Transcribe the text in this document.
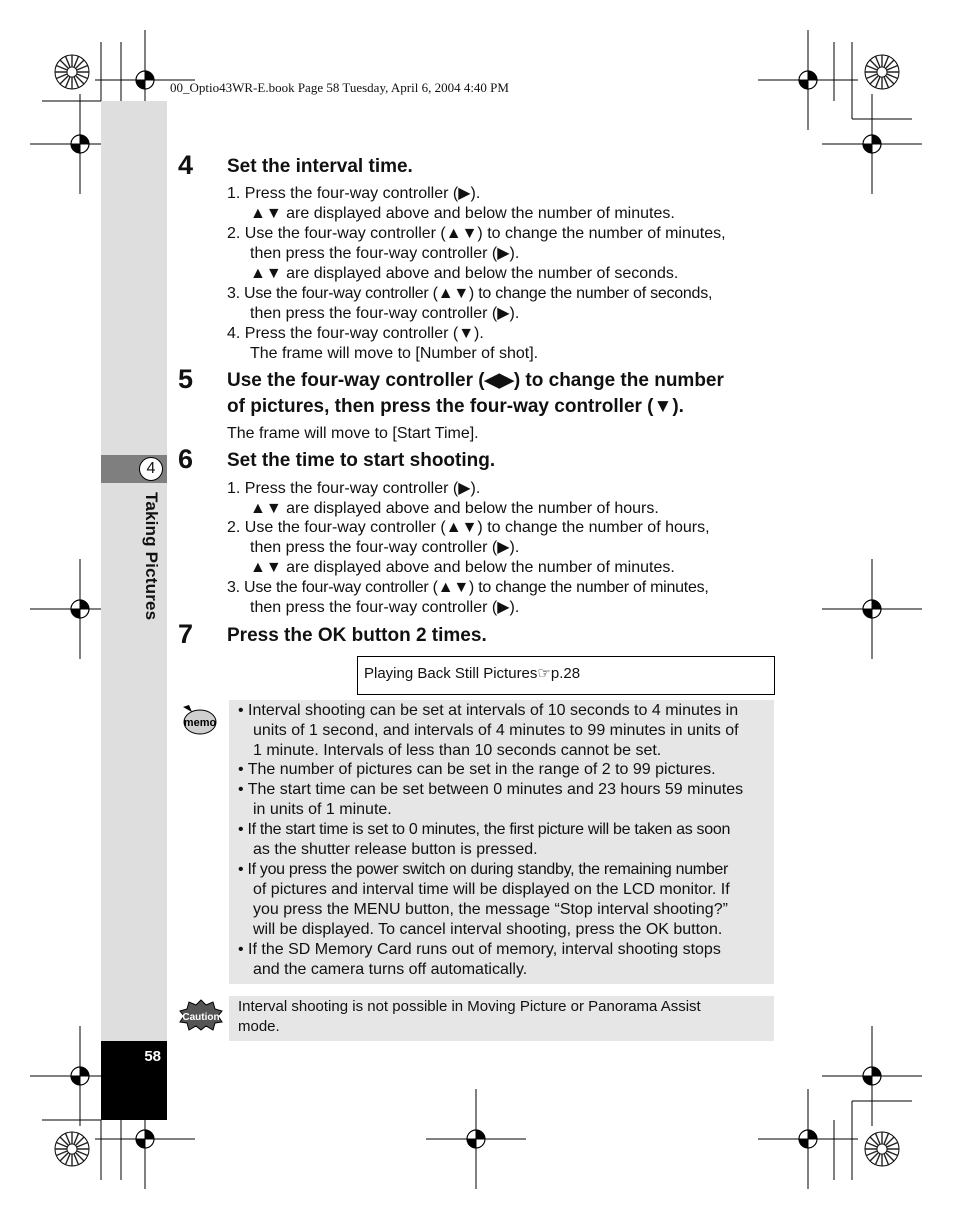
4
Taking Pictures
58
00_Optio43WR-E.book Page 58 Tuesday, April 6, 2004 4:40 PM
4 Set the interval time.
1. Press the four-way controller (▶).
▲▼ are displayed above and below the number of minutes.
2. Use the four-way controller (▲▼) to change the number of minutes,
then press the four-way controller (▶).
▲▼ are displayed above and below the number of seconds.
3. Use the four-way controller (▲▼) to change the number of seconds,
then press the four-way controller (▶).
4. Press the four-way controller (▼).
The frame will move to [Number of shot].
5 Use the four-way controller (◀▶) to change the number
of pictures, then press the four-way controller (▼).
The frame will move to [Start Time].
6 Set the time to start shooting.
1. Press the four-way controller (▶).
▲▼ are displayed above and below the number of hours.
2. Use the four-way controller (▲▼) to change the number of hours,
then press the four-way controller (▶).
▲▼ are displayed above and below the number of minutes.
3. Use the four-way controller (▲▼) to change the number of minutes,
then press the four-way controller (▶).
7 Press the OK button 2 times.
Playing Back Still Pictures☞p.28
memo
• Interval shooting can be set at intervals of 10 seconds to 4 minutes in
units of 1 second, and intervals of 4 minutes to 99 minutes in units of
1 minute. Intervals of less than 10 seconds cannot be set.
• The number of pictures can be set in the range of 2 to 99 pictures.
• The start time can be set between 0 minutes and 23 hours 59 minutes
in units of 1 minute.
• If the start time is set to 0 minutes, the first picture will be taken as soon
as the shutter release button is pressed.
• If you press the power switch on during standby, the remaining number
of pictures and interval time will be displayed on the LCD monitor. If
you press the MENU button, the message “Stop interval shooting?”
will be displayed. To cancel interval shooting, press the OK button.
• If the SD Memory Card runs out of memory, interval shooting stops
and the camera turns off automatically.
Caution
Interval shooting is not possible in Moving Picture or Panorama Assist
mode.
